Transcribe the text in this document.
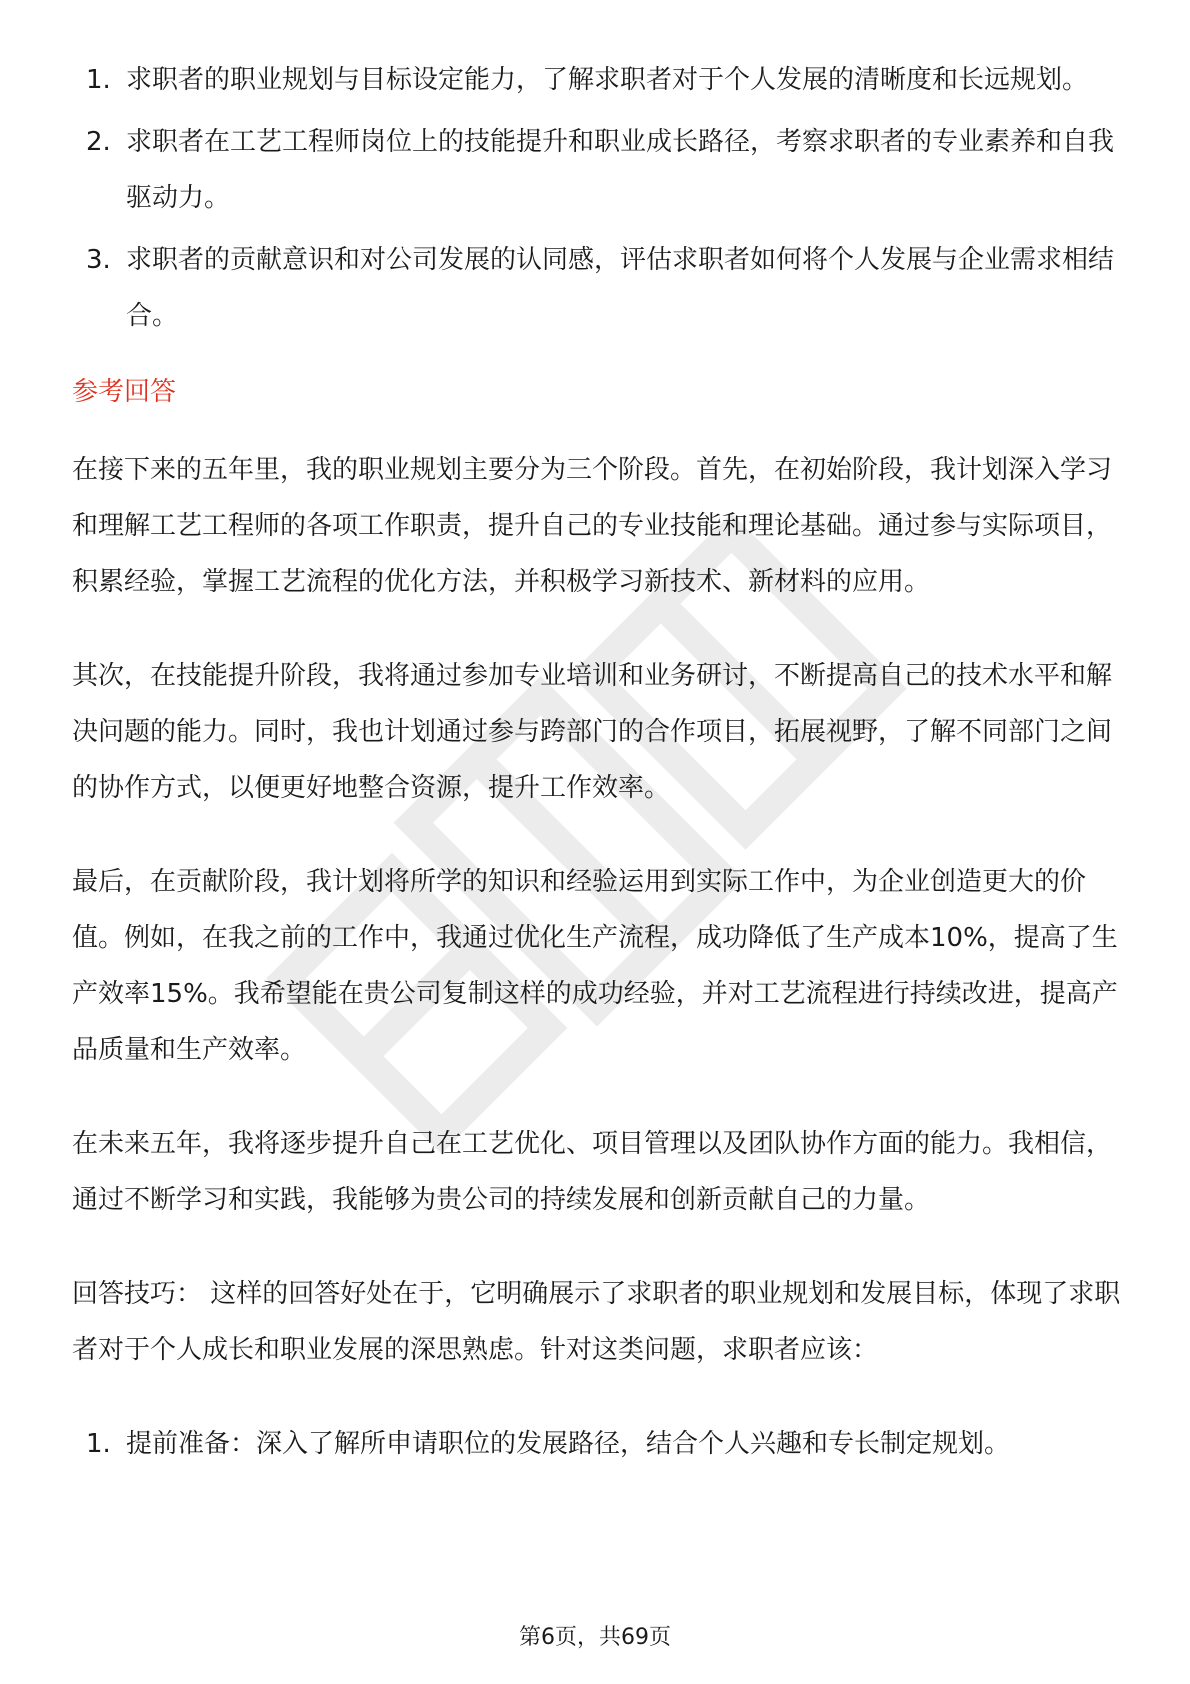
1. 求职者的职业规划与目标设定能力，了解求职者对于个人发展的清晰度和长远规划。
2. 求职者在工艺工程师岗位上的技能提升和职业成长路径，考察求职者的专业素养和自我驱动力。
3. 求职者的贡献意识和对公司发展的认同感，评估求职者如何将个人发展与企业需求相结合。
参考回答

在接下来的五年里，我的职业规划主要分为三个阶段。首先，在初始阶段，我计划深入学习和理解工艺工程师的各项工作职责，提升自己的专业技能和理论基础。通过参与实际项目，积累经验，掌握工艺流程的优化方法，并积极学习新技术、新材料的应用。

其次，在技能提升阶段，我将通过参加专业培训和业务研讨，不断提高自己的技术水平和解决问题的能力。同时，我也计划通过参与跨部门的合作项目，拓展视野，了解不同部门之间的协作方式，以便更好地整合资源，提升工作效率。

最后，在贡献阶段，我计划将所学的知识和经验运用到实际工作中，为企业创造更大的价值。例如，在我之前的工作中，我通过优化生产流程，成功降低了生产成本10%，提高了生产效率15%。我希望能在贵公司复制这样的成功经验，并对工艺流程进行持续改进，提高产品质量和生产效率。

在未来五年，我将逐步提升自己在工艺优化、项目管理以及团队协作方面的能力。我相信，通过不断学习和实践，我能够为贵公司的持续发展和创新贡献自己的力量。

回答技巧： 这样的回答好处在于，它明确展示了求职者的职业规划和发展目标，体现了求职者对于个人成长和职业发展的深思熟虑。针对这类问题，求职者应该：

1. 提前准备：深入了解所申请职位的发展路径，结合个人兴趣和专长制定规划。
第6页，共69页
